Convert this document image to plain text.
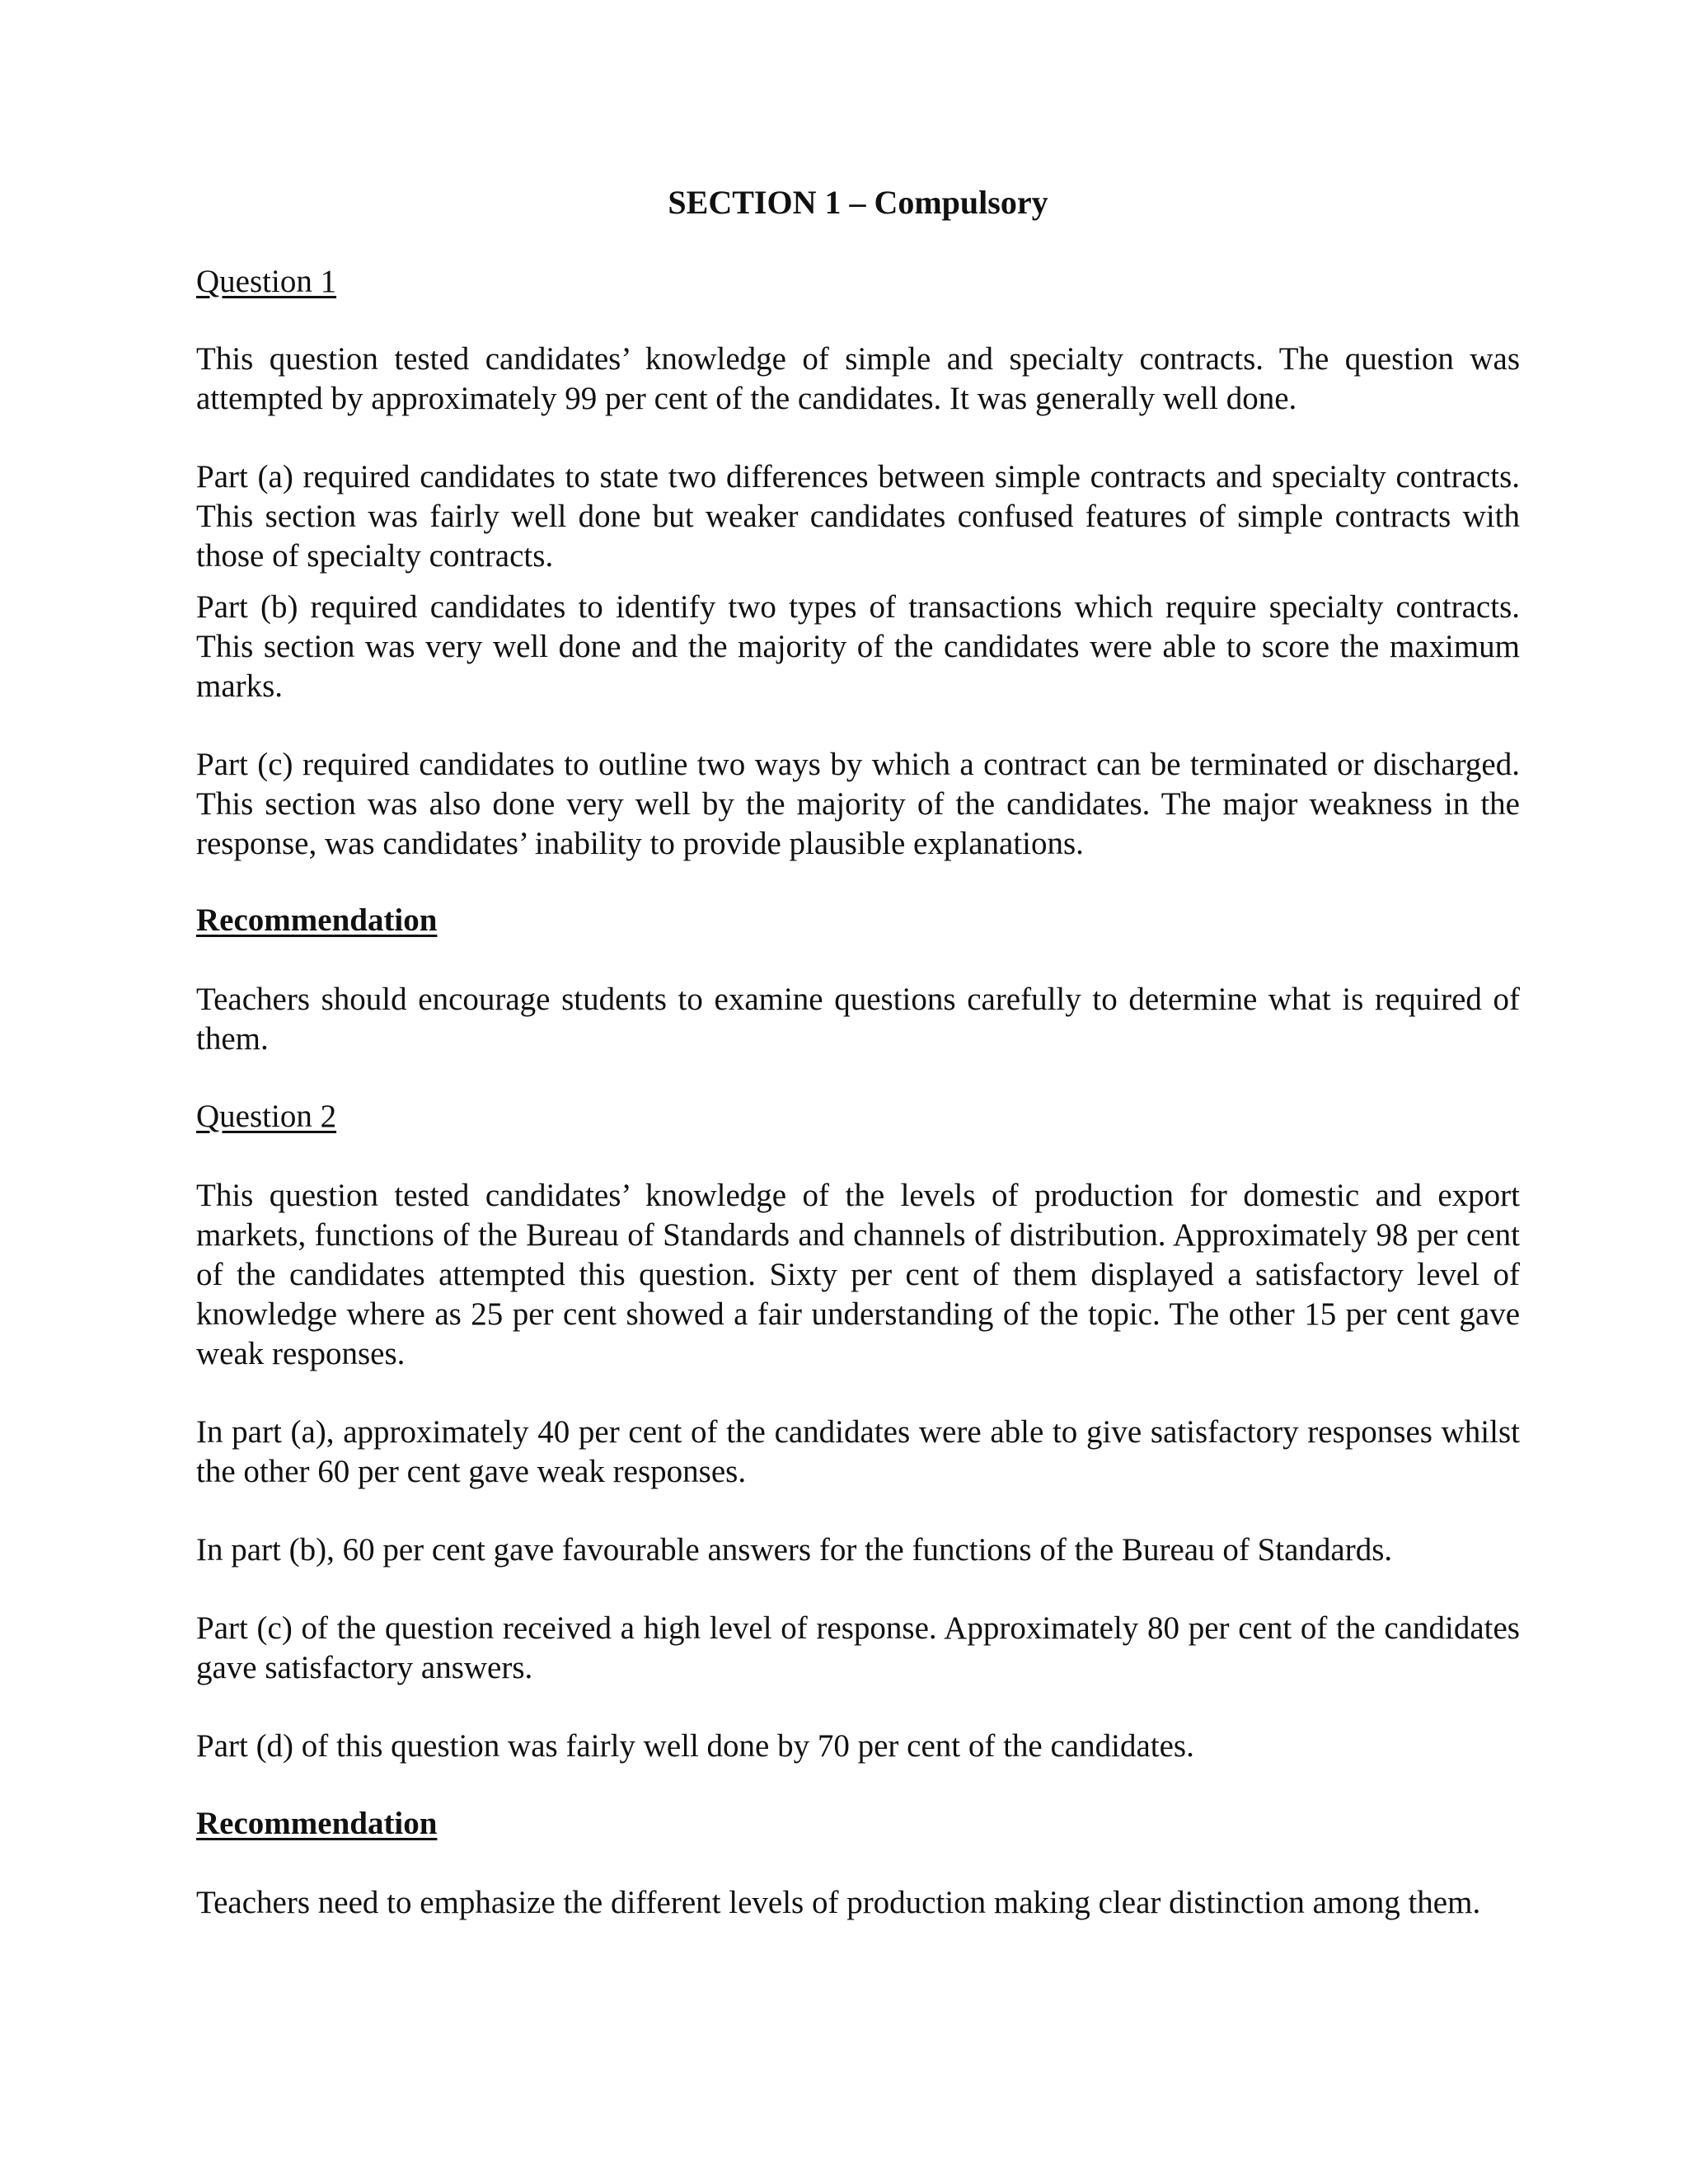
SECTION 1 – Compulsory

Question 1

This question tested candidates’ knowledge of simple and specialty contracts. The question was attempted by approximately 99 per cent of the candidates. It was generally well done.

Part (a) required candidates to state two differences between simple contracts and specialty contracts. This section was fairly well done but weaker candidates confused features of simple contracts with those of specialty contracts.

Part (b) required candidates to identify two types of transactions which require specialty contracts. This section was very well done and the majority of the candidates were able to score the maximum marks.

Part (c) required candidates to outline two ways by which a contract can be terminated or discharged. This section was also done very well by the majority of the candidates. The major weakness in the response, was candidates’ inability to provide plausible explanations.

Recommendation

Teachers should encourage students to examine questions carefully to determine what is required of them.

Question 2

This question tested candidates’ knowledge of the levels of production for domestic and export markets, functions of the Bureau of Standards and channels of distribution. Approximately 98 per cent of the candidates attempted this question. Sixty per cent of them displayed a satisfactory level of knowledge where as 25 per cent showed a fair understanding of the topic. The other 15 per cent gave weak responses.

In part (a), approximately 40 per cent of the candidates were able to give satisfactory responses whilst the other 60 per cent gave weak responses.

In part (b), 60 per cent gave favourable answers for the functions of the Bureau of Standards.

Part (c) of the question received a high level of response. Approximately 80 per cent of the candidates gave satisfactory answers.

Part (d) of this question was fairly well done by 70 per cent of the candidates.

Recommendation

Teachers need to emphasize the different levels of production making clear distinction among them.
